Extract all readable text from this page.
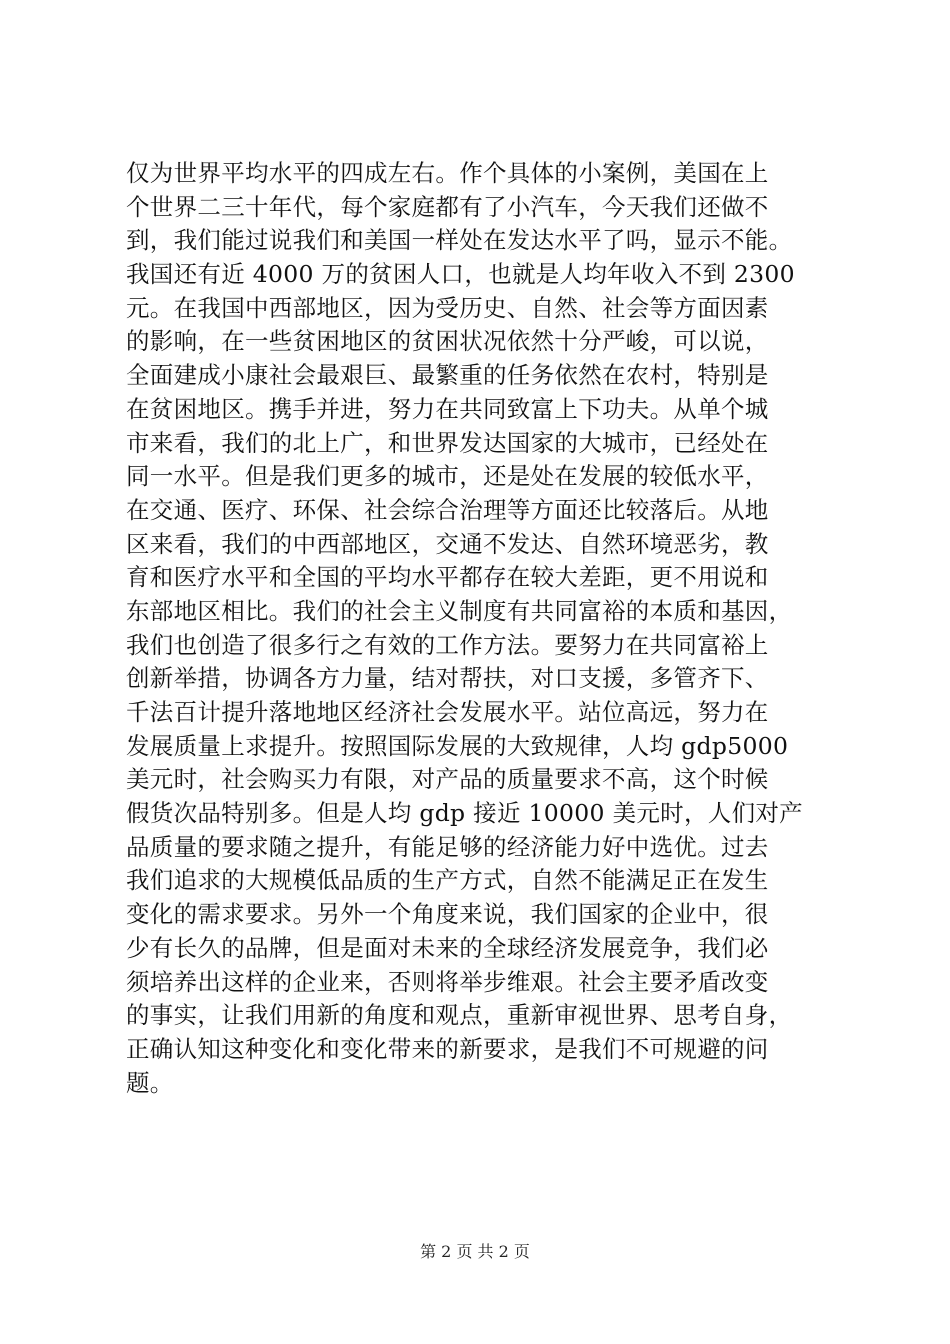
仅为世界平均水平的四成左右。作个具体的小案例，美国在上
个世界二三十年代，每个家庭都有了小汽车，今天我们还做不
到，我们能过说我们和美国一样处在发达水平了吗，显示不能。
我国还有近 4000 万的贫困人口，也就是人均年收入不到 2300
元。在我国中西部地区，因为受历史、自然、社会等方面因素
的影响，在一些贫困地区的贫困状况依然十分严峻，可以说，
全面建成小康社会最艰巨、最繁重的任务依然在农村，特别是
在贫困地区。携手并进，努力在共同致富上下功夫。从单个城
市来看，我们的北上广，和世界发达国家的大城市，已经处在
同一水平。但是我们更多的城市，还是处在发展的较低水平，
在交通、医疗、环保、社会综合治理等方面还比较落后。从地
区来看，我们的中西部地区，交通不发达、自然环境恶劣，教
育和医疗水平和全国的平均水平都存在较大差距，更不用说和
东部地区相比。我们的社会主义制度有共同富裕的本质和基因，
我们也创造了很多行之有效的工作方法。要努力在共同富裕上
创新举措，协调各方力量，结对帮扶，对口支援，多管齐下、
千法百计提升落地地区经济社会发展水平。站位高远，努力在
发展质量上求提升。按照国际发展的大致规律，人均 gdp5000
美元时，社会购买力有限，对产品的质量要求不高，这个时候
假货次品特别多。但是人均 gdp 接近 10000 美元时，人们对产
品质量的要求随之提升，有能足够的经济能力好中选优。过去
我们追求的大规模低品质的生产方式，自然不能满足正在发生
变化的需求要求。另外一个角度来说，我们国家的企业中，很
少有长久的品牌，但是面对未来的全球经济发展竞争，我们必
须培养出这样的企业来，否则将举步维艰。社会主要矛盾改变
的事实，让我们用新的角度和观点，重新审视世界、思考自身，
正确认知这种变化和变化带来的新要求，是我们不可规避的问
题。
第 2 页 共 2 页
